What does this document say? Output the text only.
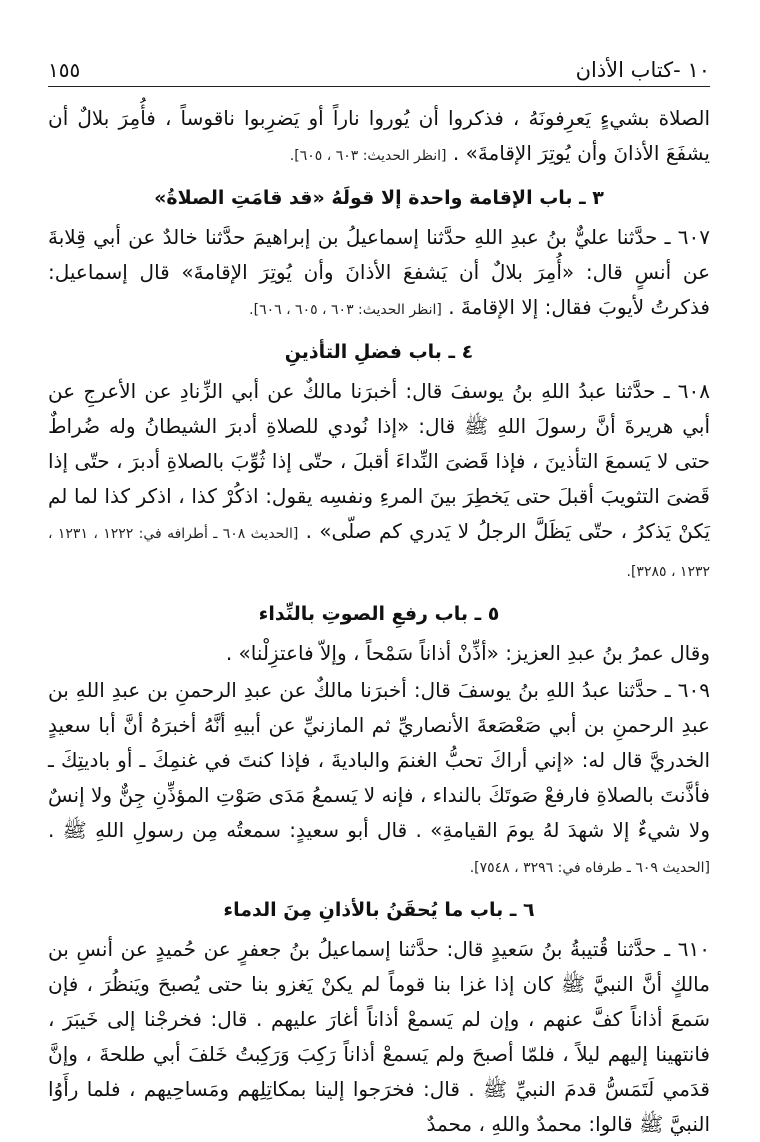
١٠ -كتاب الأذان
١٥٥

الصلاة بشيءٍ يَعرِفونَهُ ، فذكروا أن يُوروا ناراً أو يَضرِبوا ناقوساً ، فأُمِرَ بلالٌ أن يشفَعَ الأذانَ وأن يُوتِرَ الإقامةَ» . [انظر الحديث: ٦٠٣ ، ٦٠٥].

٣ ـ باب الإقامة واحدة إلا قولَهُ «قد قامَتِ الصلاةُ»

٦٠٧ ـ حدَّثنا عليٌّ بنُ عبدِ اللهِ حدَّثنا إسماعيلُ بن إبراهيمَ حدَّثنا خالدٌ عن أبي قِلابةَ عن أنسٍ قال: «أُمِرَ بلالٌ أن يَشفعَ الأذانَ وأن يُوتِرَ الإقامةَ» قال إسماعيل: فذكرتُ لأيوبَ فقال: إلا الإقامةَ . [انظر الحديث: ٦٠٣ ، ٦٠٥ ، ٦٠٦].

٤ ـ باب فضلِ التأذينِ

٦٠٨ ـ حدَّثنا عبدُ اللهِ بنُ يوسفَ قال: أخبرَنا مالكٌ عن أبي الزِّنادِ عن الأعرجِ عن أبي هريرةَ أنَّ رسولَ اللهِ ﷺ قال: «إذا نُودي للصلاةِ أدبرَ الشيطانُ وله ضُراطٌ حتى لا يَسمعَ التأذينَ ، فإذا قَضىَ النِّداءَ أقبلَ ، حتّى إذا ثُوِّبَ بالصلاةِ أدبرَ ، حتّى إذا قَضىَ التثويبَ أقبلَ حتى يَخطِرَ بينَ المرءِ ونفسِه يقول: اذكُرْ كذا ، اذكر كذا لما لم يَكنْ يَذكرُ ، حتّى يَظَلَّ الرجلُ لا يَدري كم صلّى» . [الحديث ٦٠٨ ـ أطرافه في: ١٢٢٢ ، ١٢٣١ ، ١٢٣٢ ، ٣٢٨٥].

٥ ـ باب رفعِ الصوتِ بالنِّداء

وقال عمرُ بنُ عبدِ العزيز: «أذِّنْ أذاناً سَمْحاً ، وإلاّ فاعتزِلْنا» .

٦٠٩ ـ حدَّثنا عبدُ اللهِ بنُ يوسفَ قال: أخبرَنا مالكٌ عن عبدِ الرحمنِ بن عبدِ اللهِ بن عبدِ الرحمنِ بن أبي صَعْصَعةَ الأنصاريِّ ثم المازنيِّ عن أبيهِ أنَّهُ أخبرَهُ أنَّ أبا سعيدٍ الخدريَّ قال له: «إني أراكَ تحبُّ الغنمَ والباديةَ ، فإذا كنتَ في غنمِكَ ـ أو باديتِكَ ـ فأذَّنتَ بالصلاةِ فارفعْ صَوتَكَ بالنداء ، فإنه لا يَسمعُ مَدَى صَوْتِ المؤذِّنِ جِنٌّ ولا إنسٌ ولا شيءٌ إلا شهدَ لهُ يومَ القيامةِ» . قال أبو سعيدٍ: سمعتُه مِن رسولِ اللهِ ﷺ . [الحديث ٦٠٩ ـ طرفاه في: ٣٢٩٦ ، ٧٥٤٨].

٦ ـ باب ما يُحقَنُ بالأذانِ مِنَ الدماء

٦١٠ ـ حدَّثنا قُتيبةُ بنُ سَعيدٍ قال: حدَّثنا إسماعيلُ بنُ جعفرٍ عن حُميدٍ عن أنسِ بن مالكٍ أنَّ النبيَّ ﷺ كان إذا غزا بنا قوماً لم يكنْ يَغزو بنا حتى يُصبحَ ويَنظُرَ ، فإن سَمعَ أذاناً كفَّ عنهم ، وإن لم يَسمعْ أذاناً أغارَ عليهم . قال: فخرجْنا إلى خَيبَرَ ، فانتهينا إليهم ليلاً ، فلمّا أصبحَ ولم يَسمعْ أذاناً رَكِبَ وَرَكِبتُ خَلفَ أبي طلحةَ ، وإنَّ قدَمي لَتَمَسُّ قدمَ النبيِّ ﷺ . قال: فخرَجوا إلينا بمكاتِلِهم ومَساحِيهم ، فلما رأَوُا النبيَّ ﷺ قالوا: محمدٌ واللهِ ، محمدٌ
